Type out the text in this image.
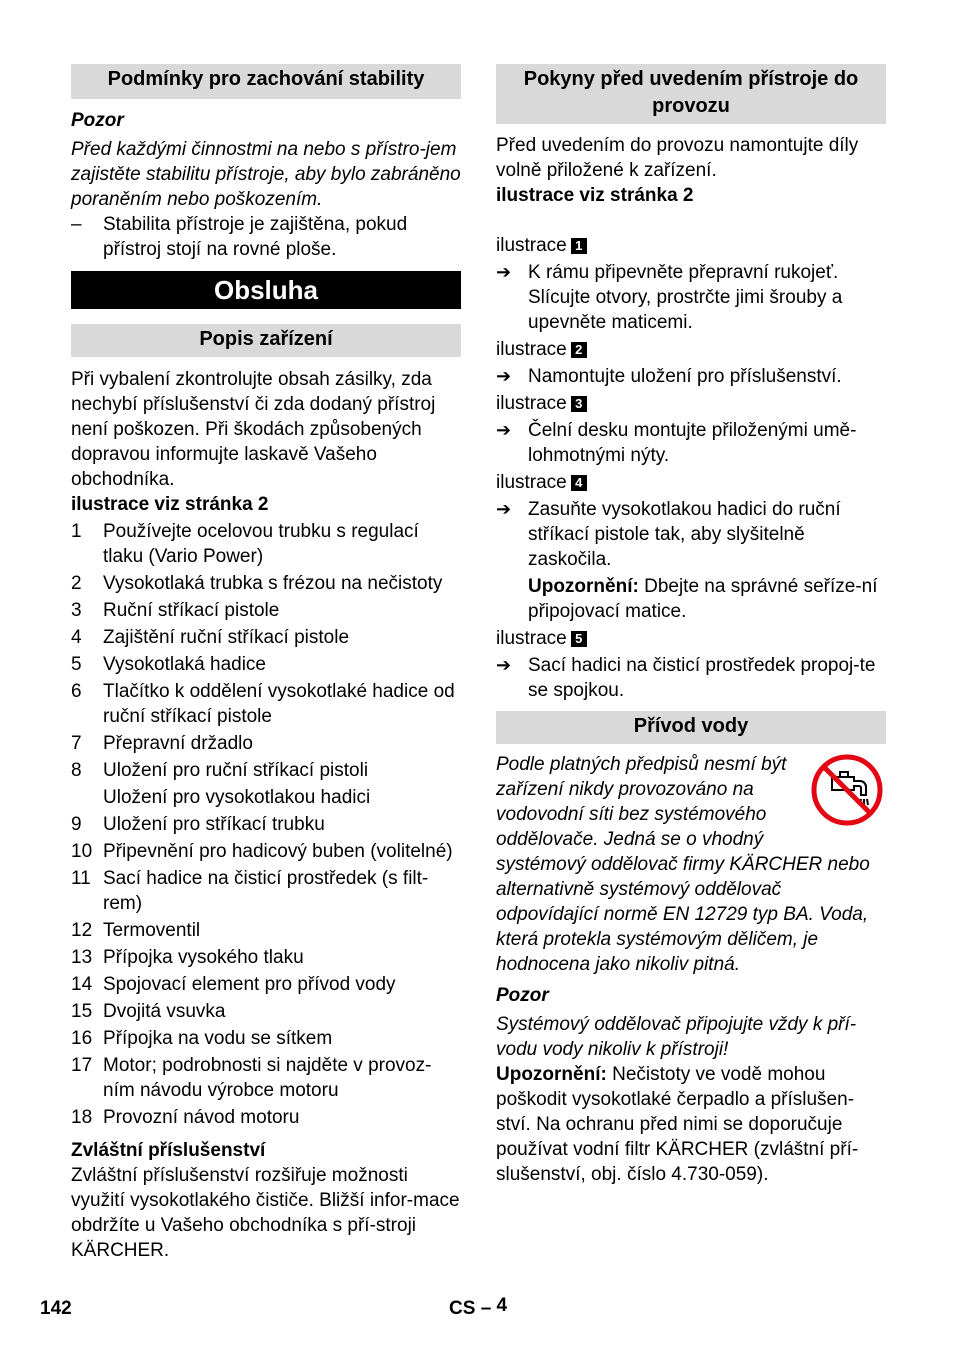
Podmínky pro zachování stability

Pozor

Před každými činnostmi na nebo s přístro-jem zajistěte stabilitu přístroje, aby bylo zabráněno poraněním nebo poškozením.

–	Stabilita přístroje je zajištěna, pokud přístroj stojí na rovné ploše.
Obsluha
Popis zařízení

Při vybalení zkontrolujte obsah zásilky, zda nechybí příslušenství či zda dodaný přístroj není poškozen. Při škodách způsobených dopravou informujte laskavě Vašeho obchodníka.

ilustrace viz stránka 2

1	Používejte ocelovou trubku s regulací tlaku (Vario Power)
2	Vysokotlaká trubka s frézou na nečistoty
3	Ruční stříkací pistole
4	Zajištění ruční stříkací pistole
5	Vysokotlaká hadice
6	Tlačítko k oddělení vysokotlaké hadice od ruční stříkací pistole
7	Přepravní držadlo
8	Uložení pro ruční stříkací pistoli
Uložení pro vysokotlakou hadici
9	Uložení pro stříkací trubku
10 Připevnění pro hadicový buben (volitelné)
11 Sací hadice na čisticí prostředek (s filt-rem)
12 Termoventil
13 Přípojka vysokého tlaku
14 Spojovací element pro přívod vody
15 Dvojitá vsuvka
16 Přípojka na vodu se sítkem
17 Motor; podrobnosti si najděte v provoz-ním návodu výrobce motoru
18 Provozní návod motoru

Zvláštní příslušenství

Zvláštní příslušenství rozšiřuje možnosti využití vysokotlakého čističe. Bližší infor-mace obdržíte u Vašeho obchodníka s pří-stroji KÄRCHER.

Pokyny před uvedením přístroje do provozu

Před uvedením do provozu namontujte díly volně přiložené k zařízení.

ilustrace viz stránka 2

ilustrace 1

➔ K rámu připevněte přepravní rukojeť. Slícujte otvory, prostrčte jimi šrouby a upevněte maticemi.

ilustrace 2

➔ Namontujte uložení pro příslušenství.

ilustrace 3

➔ Čelní desku montujte přiloženými umě-lohmotnými nýty.

ilustrace 4

➔ Zasuňte vysokotlakou hadici do ruční stříkací pistole tak, aby slyšitelně zaskočila.
Upozornění: Dbejte na správné seřízе-ní připojovací matice.

ilustrace 5

➔ Sací hadici na čisticí prostředek propoj-te se spojkou.
Přívod vody

Podle platných předpisů nesmí být zařízení nikdy provozováno na vodovodní síti bez systémového oddělovače. Jedná se o vhodný systémový oddělovač firmy KÄRCHER nebo alternativně systémový oddělovač odpovídající normě EN 12729 typ BA. Voda, která protekla systémovým děličem, je hodnocena jako nikoliv pitná.

Pozor

Systémový oddělovač připojujte vždy k pří-vodu vody nikoliv k přístroji!

Upozornění: Nečistoty ve vodě mohou poškodit vysokotlaké čerpadlo a příslušen-ství. Na ochranu před nimi se doporučuje používat vodní filtr KÄRCHER (zvláštní pří-slušenství, obj. číslo 4.730-059).

142	CS – 4
